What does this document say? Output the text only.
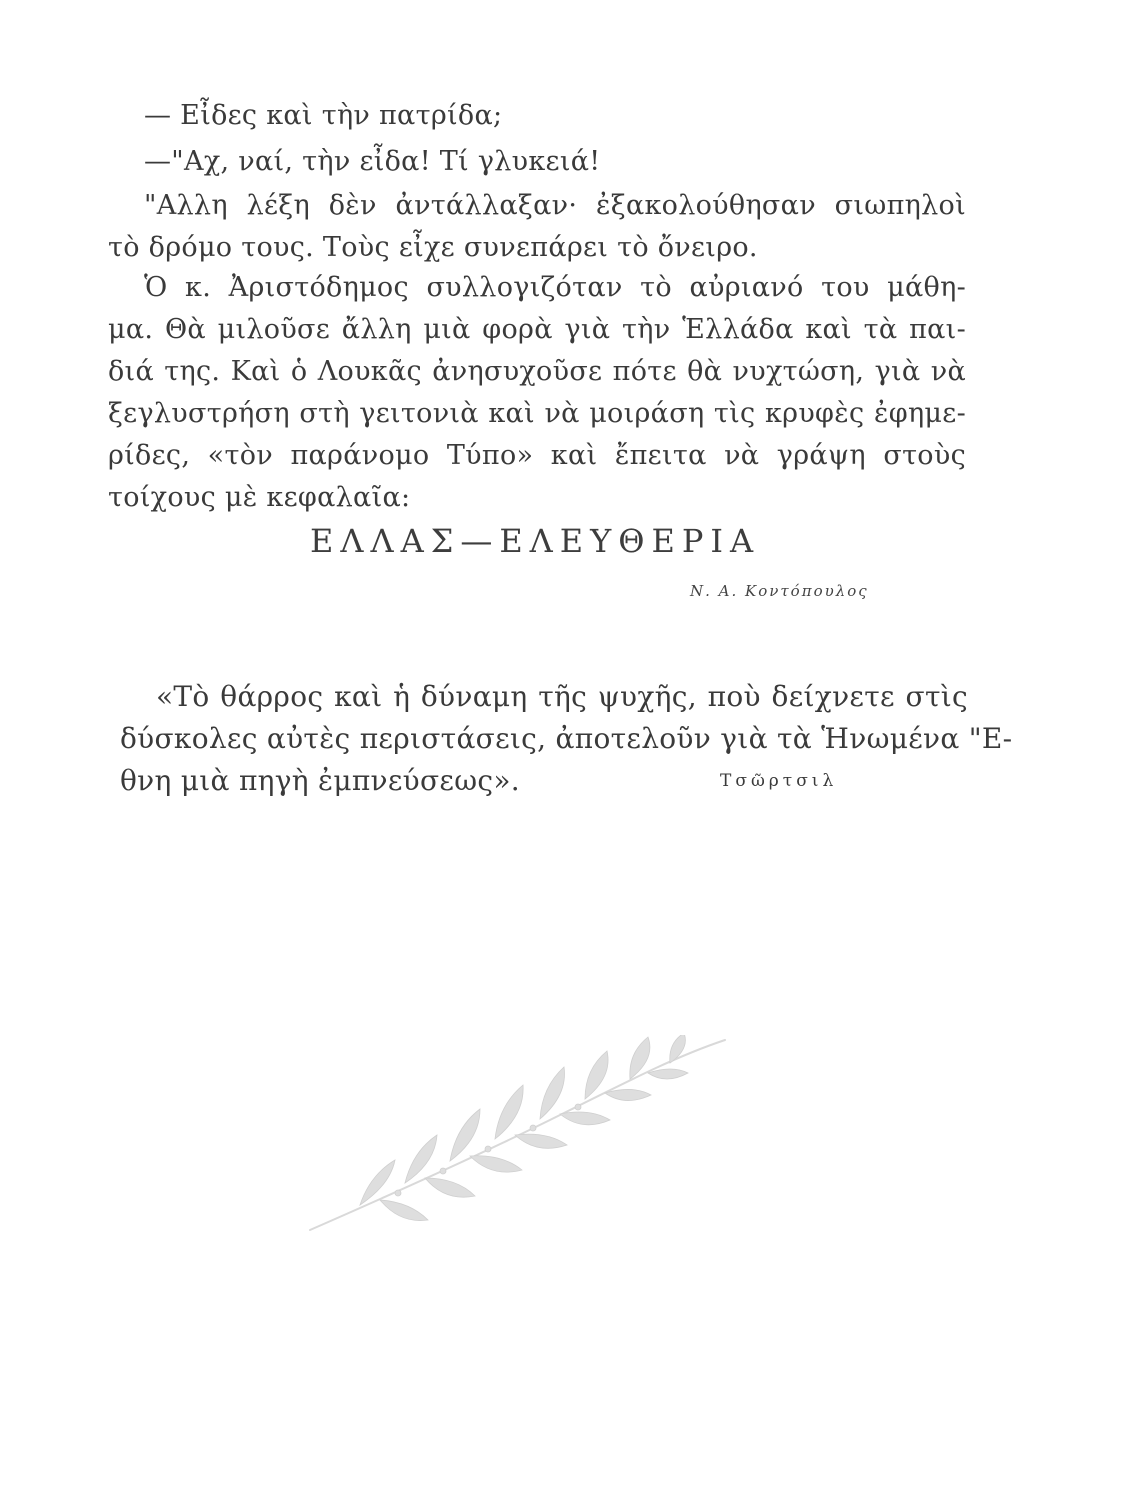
— Εἶδες καὶ τὴν πατρίδα;
—"Αχ, ναί, τὴν εἶδα! Τί γλυκειά!
"Αλλη λέξη δὲν ἀντάλλαξαν· ἐξακολούθησαν σιωπηλοὶ
τὸ δρόμο τους. Τοὺς εἶχε συνεπάρει τὸ ὄνειρο.
Ὁ κ. Ἀριστόδημος συλλογιζόταν τὸ αὐριανό του μάθη-
μα. Θὰ μιλοῦσε ἄλλη μιὰ φορὰ γιὰ τὴν Ἑλλάδα καὶ τὰ παι-
διά της. Καὶ ὁ Λουκᾶς ἀνησυχοῦσε πότε θὰ νυχτώση, γιὰ νὰ
ξεγλυστρήση στὴ γειτονιὰ καὶ νὰ μοιράση τὶς κρυφὲς ἐφημε-
ρίδες, «τὸν παράνομο Τύπο» καὶ ἔπειτα νὰ γράψη στοὺς
τοίχους μὲ κεφαλαῖα:
ΕΛΛΑΣ—ΕΛΕΥΘΕΡΙΑ
Ν. Α. Κοντόπουλος
«Τὸ θάρρος καὶ ἡ δύναμη τῆς ψυχῆς, ποὺ δείχνετε στὶς
δύσκολες αὐτὲς περιστάσεις, ἀποτελοῦν γιὰ τὰ Ἡνωμένα "Ε-
θνη μιὰ πηγὴ ἐμπνεύσεως».	Τσῶρτσιλ
